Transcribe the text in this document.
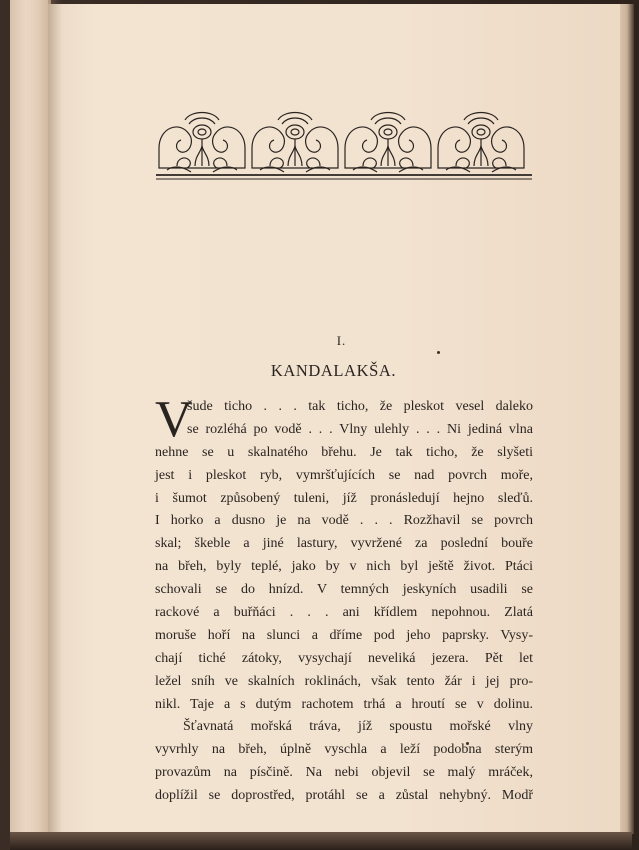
I.
KANDALAKŠA.
V
šude ticho . . . tak ticho, že pleskot vesel daleko
se rozléhá po vodě . . . Vlny ulehly . . . Ni jediná vlna
nehne se u skalnatého břehu. Je tak ticho, že slyšeti
jest i pleskot ryb, vymršťujících se nad povrch moře,
i šumot způsobený tuleni, jíž pronásledují hejno sleďů.
I horko a dusno je na vodě . . . Rozžhavil se povrch
skal; škeble a jiné lastury, vyvržené za poslední bouře
na břeh, byly teplé, jako by v nich byl ještě život. Ptáci
schovali se do hnízd. V temných jeskyních usadili se
rackové a buřňáci . . . ani křídlem nepohnou. Zlatá
moruše hoří na slunci a dříme pod jeho paprsky. Vysy-
chají tiché zátoky, vysychají neveliká jezera. Pět let
ležel sníh ve skalních roklinách, však tento žár i jej pro-
nikl. Taje a s dutým rachotem trhá a hroutí se v dolinu.
Šťavnatá mořská tráva, jíž spoustu mořské vlny
vyvrhly na břeh, úplně vyschla a leží podobna sterým
provazům na písčině. Na nebi objevil se malý mráček,
doplížil se doprostřed, protáhl se a zůstal nehybný. Modř
